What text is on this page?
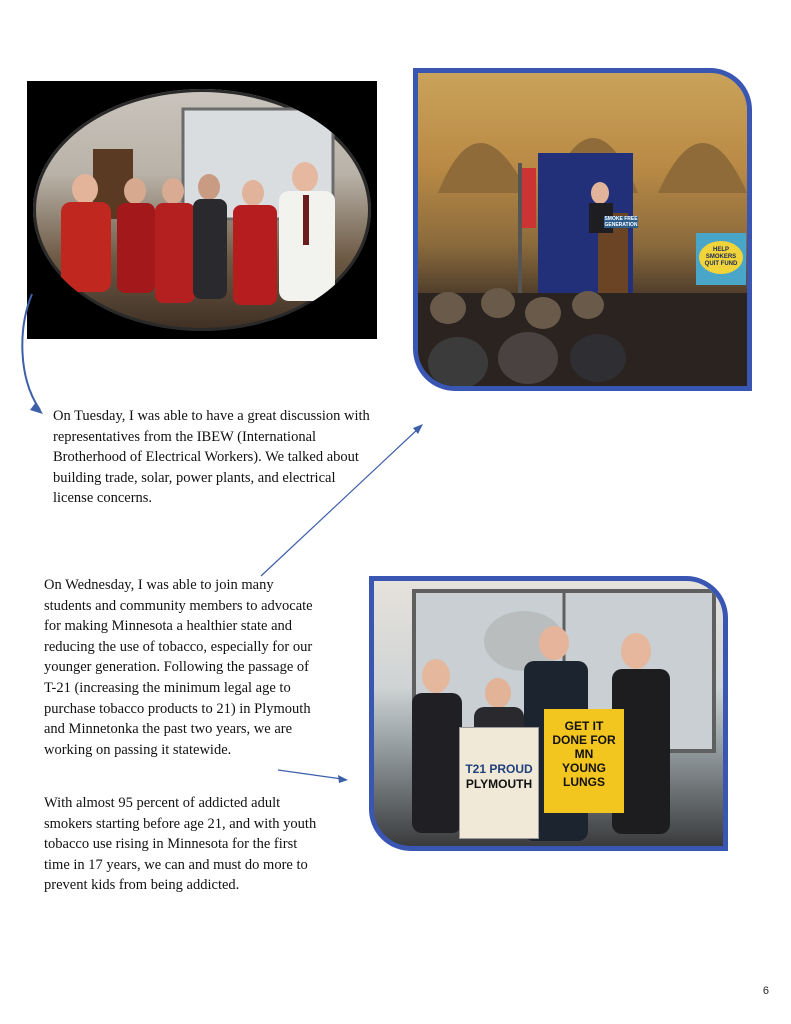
SMOKE FREE GENERATION
HELP SMOKERS QUIT FUND

On Tuesday, I was able to have a great discussion with representatives from the IBEW (International Brotherhood of Electrical Workers). We talked about building trade, solar, power plants, and electrical license concerns.

On Wednesday, I was able to join many students and community members to advocate for making Minnesota a healthier state and reducing the use of tobacco, especially for our younger generation. Following the passage of T-21 (increasing the minimum legal age to purchase tobacco products to 21) in Plymouth and Minnetonka the past two years, we are working on passing it statewide.

With almost 95 percent of addicted adult smokers starting before age 21, and with youth tobacco use rising in Minnesota for the first time in 17 years, we can and must do more to prevent kids from being addicted.

T21 PROUD
PLYMOUTH
GET IT
DONE FOR
MN
YOUNG
LUNGS
6
